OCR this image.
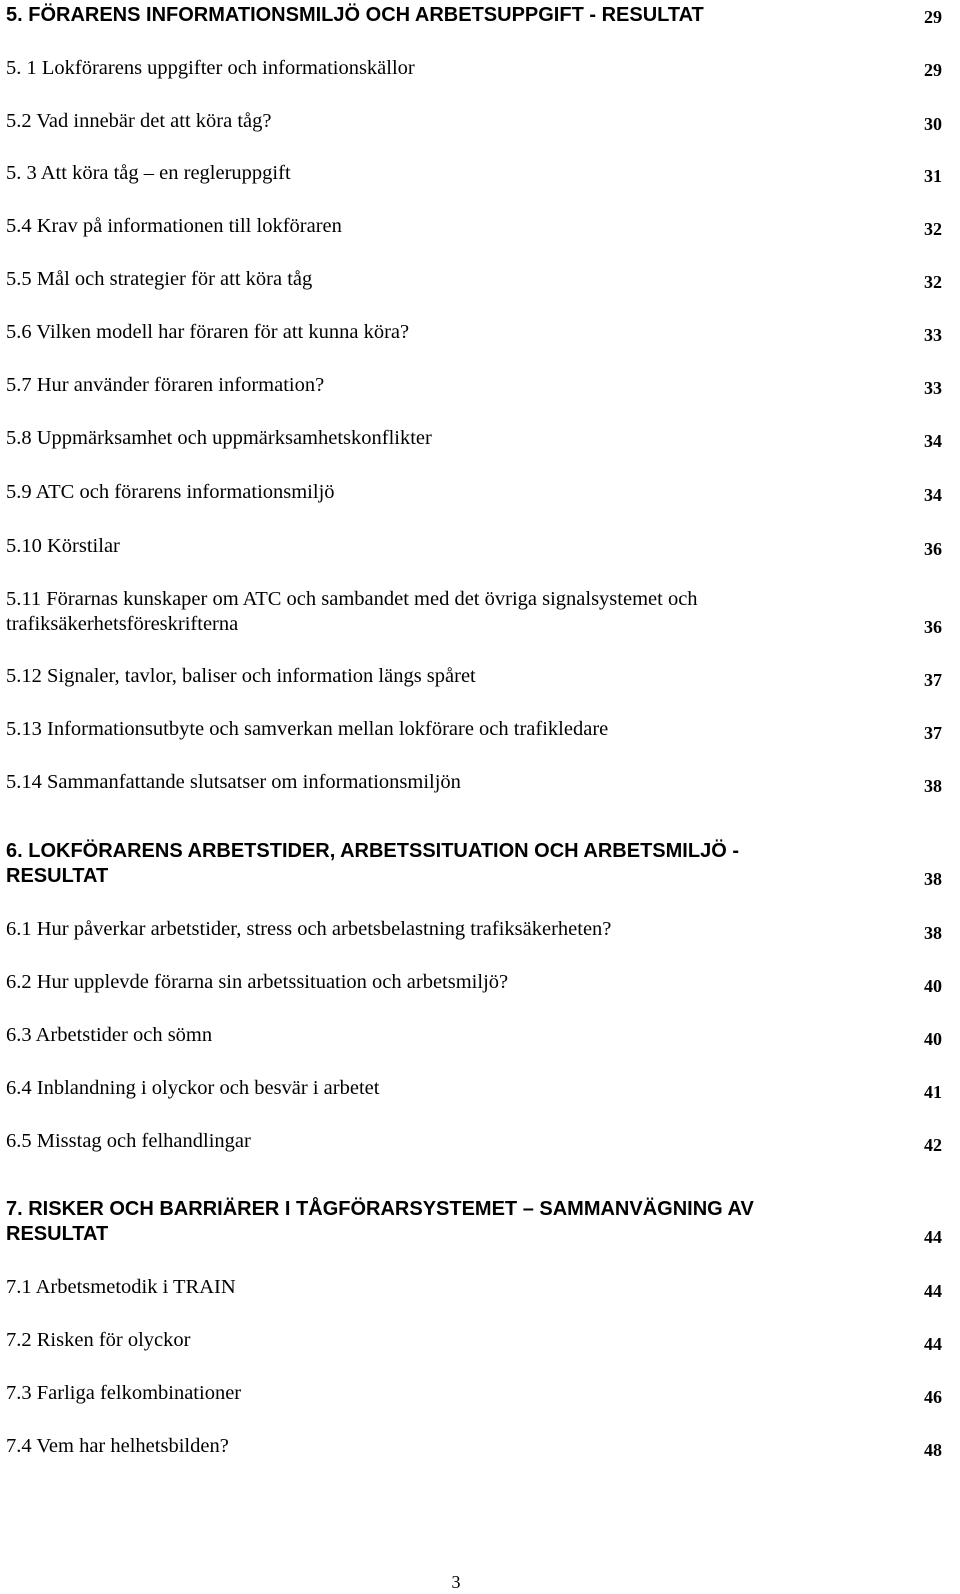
5. FÖRARENS INFORMATIONSMILJÖ OCH ARBETSUPPGIFT - RESULTAT	29
5. 1 Lokförarens uppgifter och informationskällor	29
5.2 Vad innebär det att köra tåg?	30
5. 3 Att köra tåg – en regleruppgift	31
5.4 Krav på informationen till lokföraren	32
5.5 Mål och strategier för att köra tåg	32
5.6 Vilken modell har föraren för att kunna köra?	33
5.7 Hur använder föraren information?	33
5.8 Uppmärksamhet och uppmärksamhetskonflikter	34
5.9 ATC och förarens informationsmiljö	34
5.10 Körstilar	36
5.11 Förarnas kunskaper om ATC och sambandet med det övriga signalsystemet och
trafiksäkerhetsföreskrifterna	36
5.12 Signaler, tavlor, baliser och information längs spåret	37
5.13 Informationsutbyte och samverkan mellan lokförare och trafikledare	37
5.14 Sammanfattande slutsatser om informationsmiljön	38
6. LOKFÖRARENS ARBETSTIDER, ARBETSSITUATION OCH ARBETSMILJÖ -
RESULTAT	38
6.1 Hur påverkar arbetstider, stress och arbetsbelastning trafiksäkerheten?	38
6.2 Hur upplevde förarna sin arbetssituation och arbetsmiljö?	40
6.3 Arbetstider och sömn	40
6.4 Inblandning i olyckor och besvär i arbetet	41
6.5 Misstag och felhandlingar	42
7. RISKER OCH BARRIÄRER I TÅGFÖRARSYSTEMET – SAMMANVÄGNING AV
RESULTAT	44
7.1 Arbetsmetodik i TRAIN	44
7.2 Risken för olyckor	44
7.3 Farliga felkombinationer	46
7.4 Vem har helhetsbilden?	48
3
